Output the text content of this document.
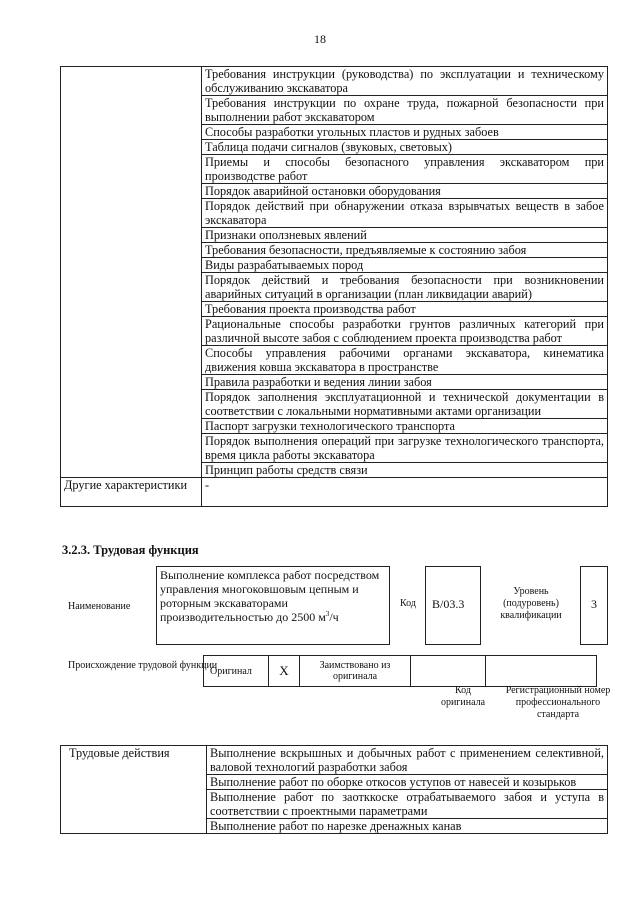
18
	Требования инструкции (руководства) по эксплуатации и техническому обслуживанию экскаватора
	Требования инструкции по охране труда, пожарной безопасности при выполнении работ экскаватором
	Способы разработки угольных пластов и рудных забоев
	Таблица подачи сигналов (звуковых, световых)
	Приемы и способы безопасного управления экскаватором при производстве работ
	Порядок аварийной остановки оборудования
	Порядок действий при обнаружении отказа взрывчатых веществ в забое экскаватора
	Признаки оползневых явлений
	Требования безопасности, предъявляемые к состоянию забоя
	Виды разрабатываемых пород
	Порядок действий и требования безопасности при возникновении аварийных ситуаций в организации (план ликвидации аварий)
	Требования проекта производства работ
	Рациональные способы разработки грунтов различных категорий при различной высоте забоя с соблюдением проекта производства работ
	Способы управления рабочими органами экскаватора, кинематика движения ковша экскаватора в пространстве
	Правила разработки и ведения линии забоя
	Порядок заполнения эксплуатационной и технической документации в соответствии с локальными нормативными актами организации
	Паспорт загрузки технологического транспорта
	Порядок выполнения операций при загрузке технологического транспорта, время цикла работы экскаватора
	Принцип работы средств связи
Другие характеристики	-
3.2.3. Трудовая функция
Наименование
Выполнение комплекса работ посредством управления многоковшовым цепным и роторным экскаваторами производительностью до 2500 $м^3/ч$
Код	В/03.3
Уровень (подуровень) квалификации
3
Происхождение трудовой функции
Оригинал	Х	Заимствовано из оригинала		
Код оригинала
Регистрационный номер профессионального стандарта
Трудовые действия	Выполнение вскрышных и добычных работ с применением селективной, валовой технологий разработки забоя
Выполнение работ по оборке откосов уступов от навесей и козырьков
Выполнение работ по заотккоске отрабатываемого забоя и уступа в соответствии с проектными параметрами
Выполнение работ по нарезке дренажных канав
